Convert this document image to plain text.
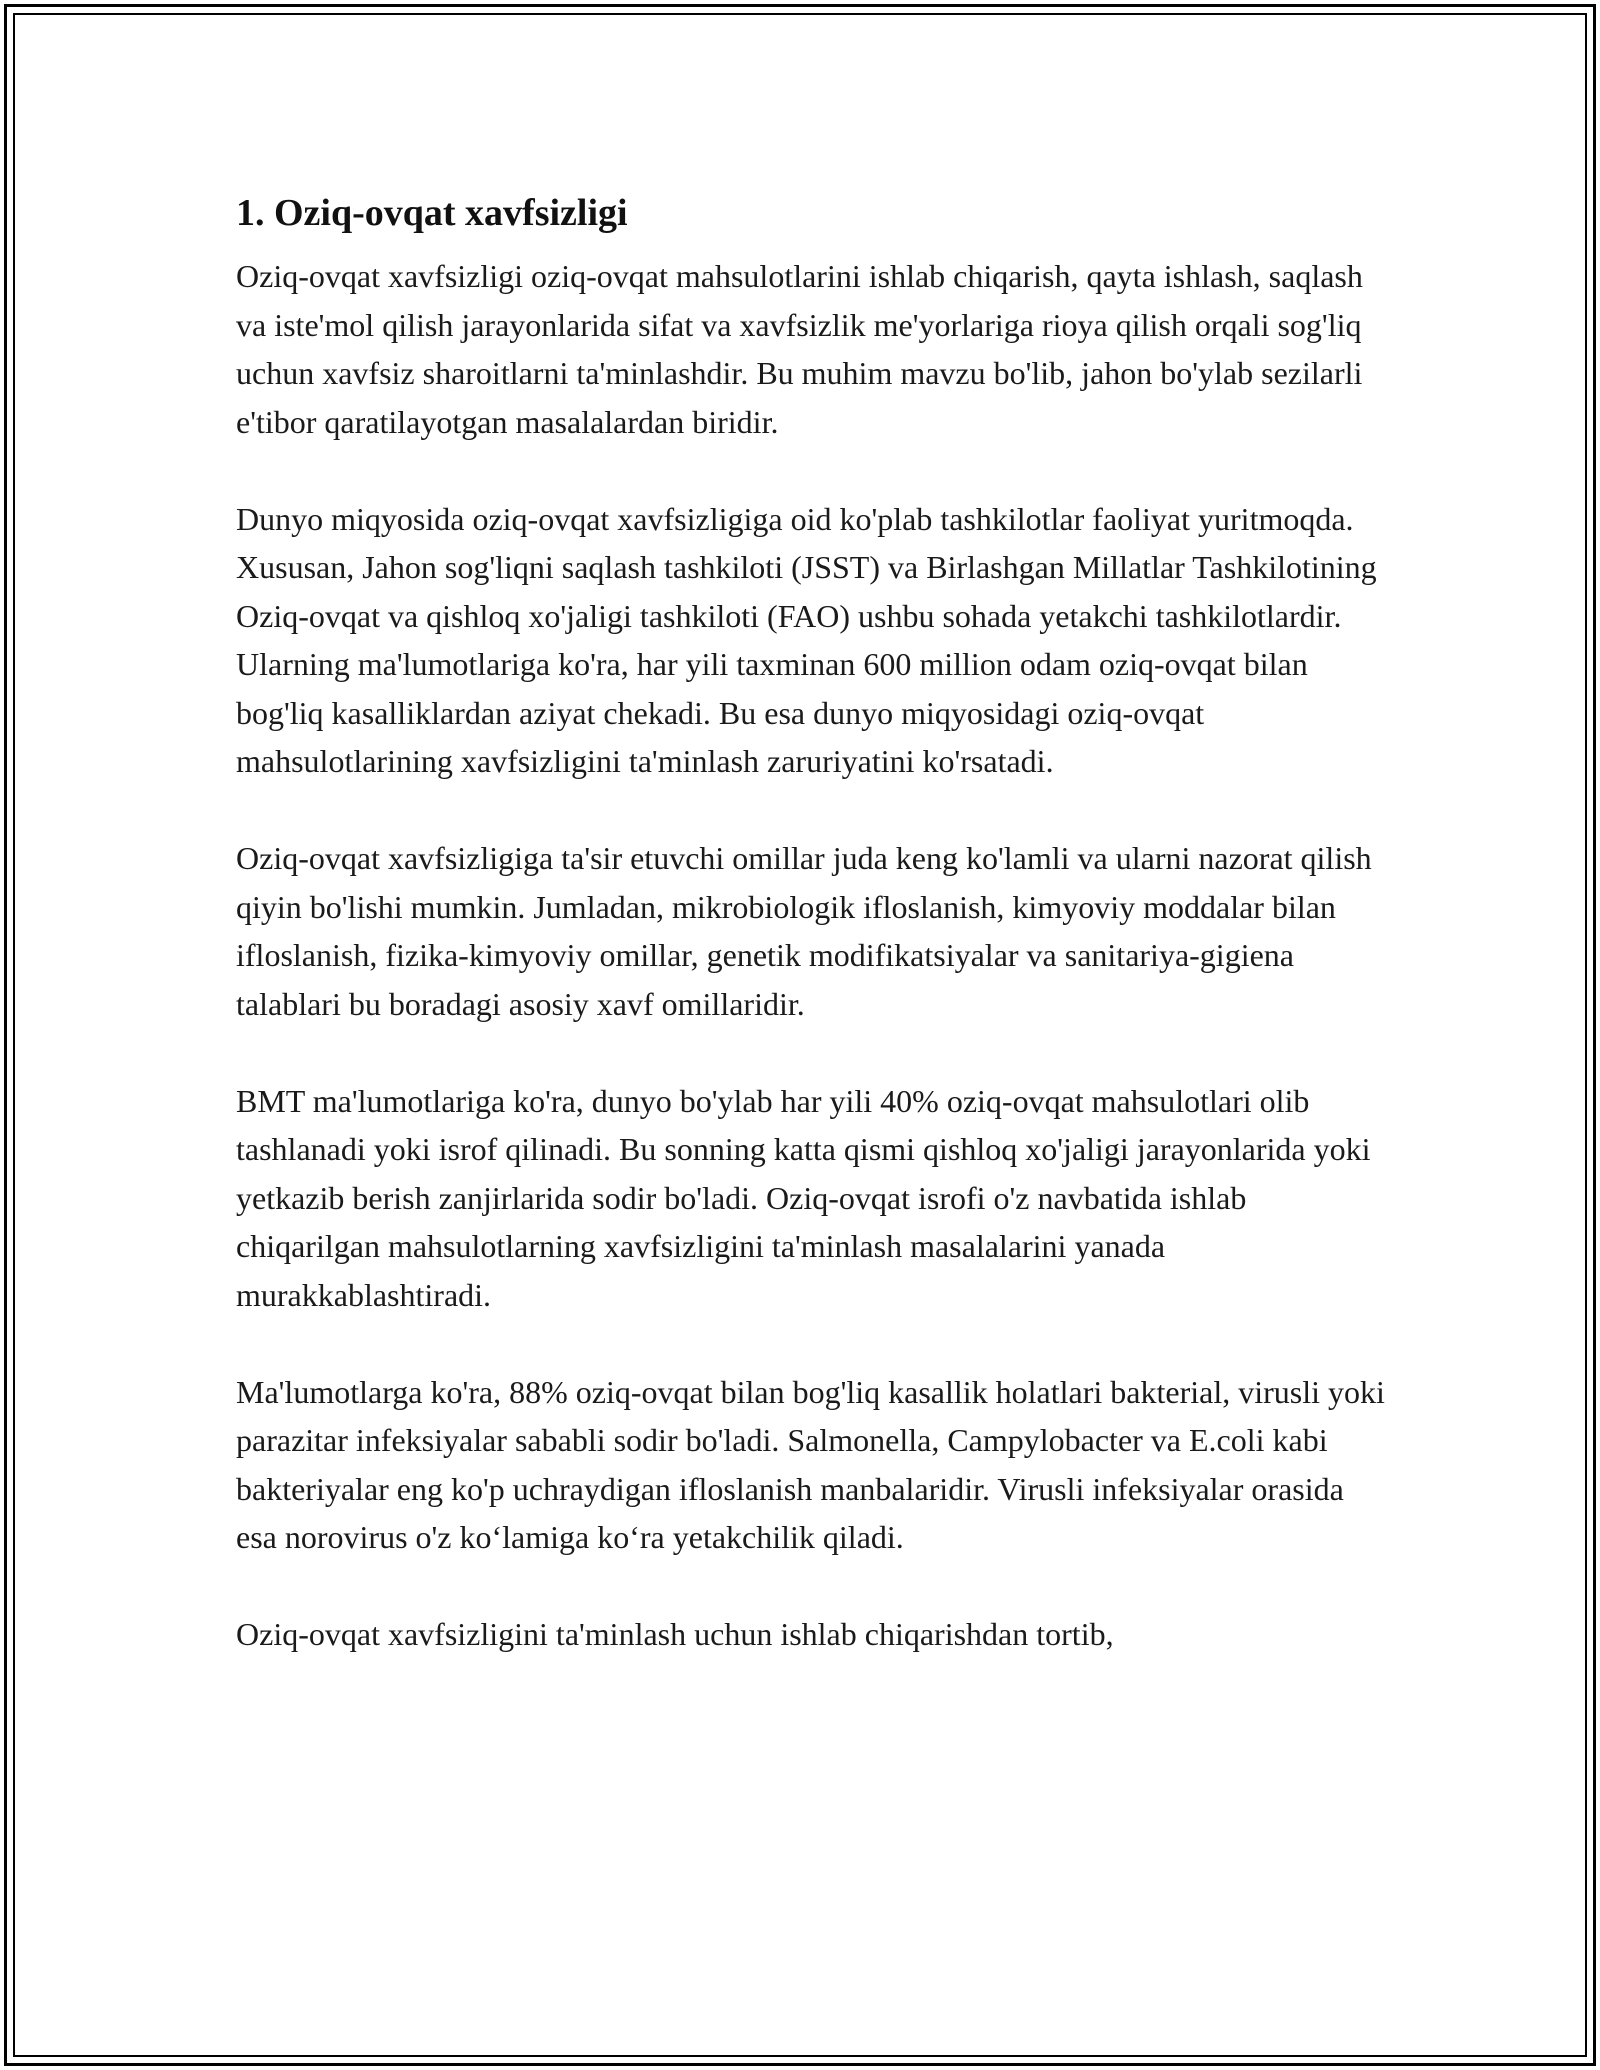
1. Oziq-ovqat xavfsizligi

Oziq-ovqat xavfsizligi oziq-ovqat mahsulotlarini ishlab chiqarish, qayta ishlash, saqlash va iste'mol qilish jarayonlarida sifat va xavfsizlik me'yorlariga rioya qilish orqali sog'liq uchun xavfsiz sharoitlarni ta'minlashdir. Bu muhim mavzu bo'lib, jahon bo'ylab sezilarli e'tibor qaratilayotgan masalalardan biridir.

Dunyo miqyosida oziq-ovqat xavfsizligiga oid ko'plab tashkilotlar faoliyat yuritmoqda. Xususan, Jahon sog'liqni saqlash tashkiloti (JSST) va Birlashgan Millatlar Tashkilotining Oziq-ovqat va qishloq xo'jaligi tashkiloti (FAO) ushbu sohada yetakchi tashkilotlardir. Ularning ma'lumotlariga ko'ra, har yili taxminan 600 million odam oziq-ovqat bilan bog'liq kasalliklardan aziyat chekadi. Bu esa dunyo miqyosidagi oziq-ovqat mahsulotlarining xavfsizligini ta'minlash zaruriyatini ko'rsatadi.

Oziq-ovqat xavfsizligiga ta'sir etuvchi omillar juda keng ko'lamli va ularni nazorat qilish qiyin bo'lishi mumkin. Jumladan, mikrobiologik ifloslanish, kimyoviy moddalar bilan ifloslanish, fizika-kimyoviy omillar, genetik modifikatsiyalar va sanitariya-gigiena talablari bu boradagi asosiy xavf omillaridir.

BMT ma'lumotlariga ko'ra, dunyo bo'ylab har yili 40% oziq-ovqat mahsulotlari olib tashlanadi yoki isrof qilinadi. Bu sonning katta qismi qishloq xo'jaligi jarayonlarida yoki yetkazib berish zanjirlarida sodir bo'ladi. Oziq-ovqat isrofi o'z navbatida ishlab chiqarilgan mahsulotlarning xavfsizligini ta'minlash masalalarini yanada murakkablashtiradi.

Ma'lumotlarga ko'ra, 88% oziq-ovqat bilan bog'liq kasallik holatlari bakterial, virusli yoki parazitar infeksiyalar sababli sodir bo'ladi. Salmonella, Campylobacter va E.coli kabi bakteriyalar eng ko'p uchraydigan ifloslanish manbalaridir. Virusli infeksiyalar orasida esa norovirus o'z ko‘lamiga ko‘ra yetakchilik qiladi.

Oziq-ovqat xavfsizligini ta'minlash uchun ishlab chiqarishdan tortib,
